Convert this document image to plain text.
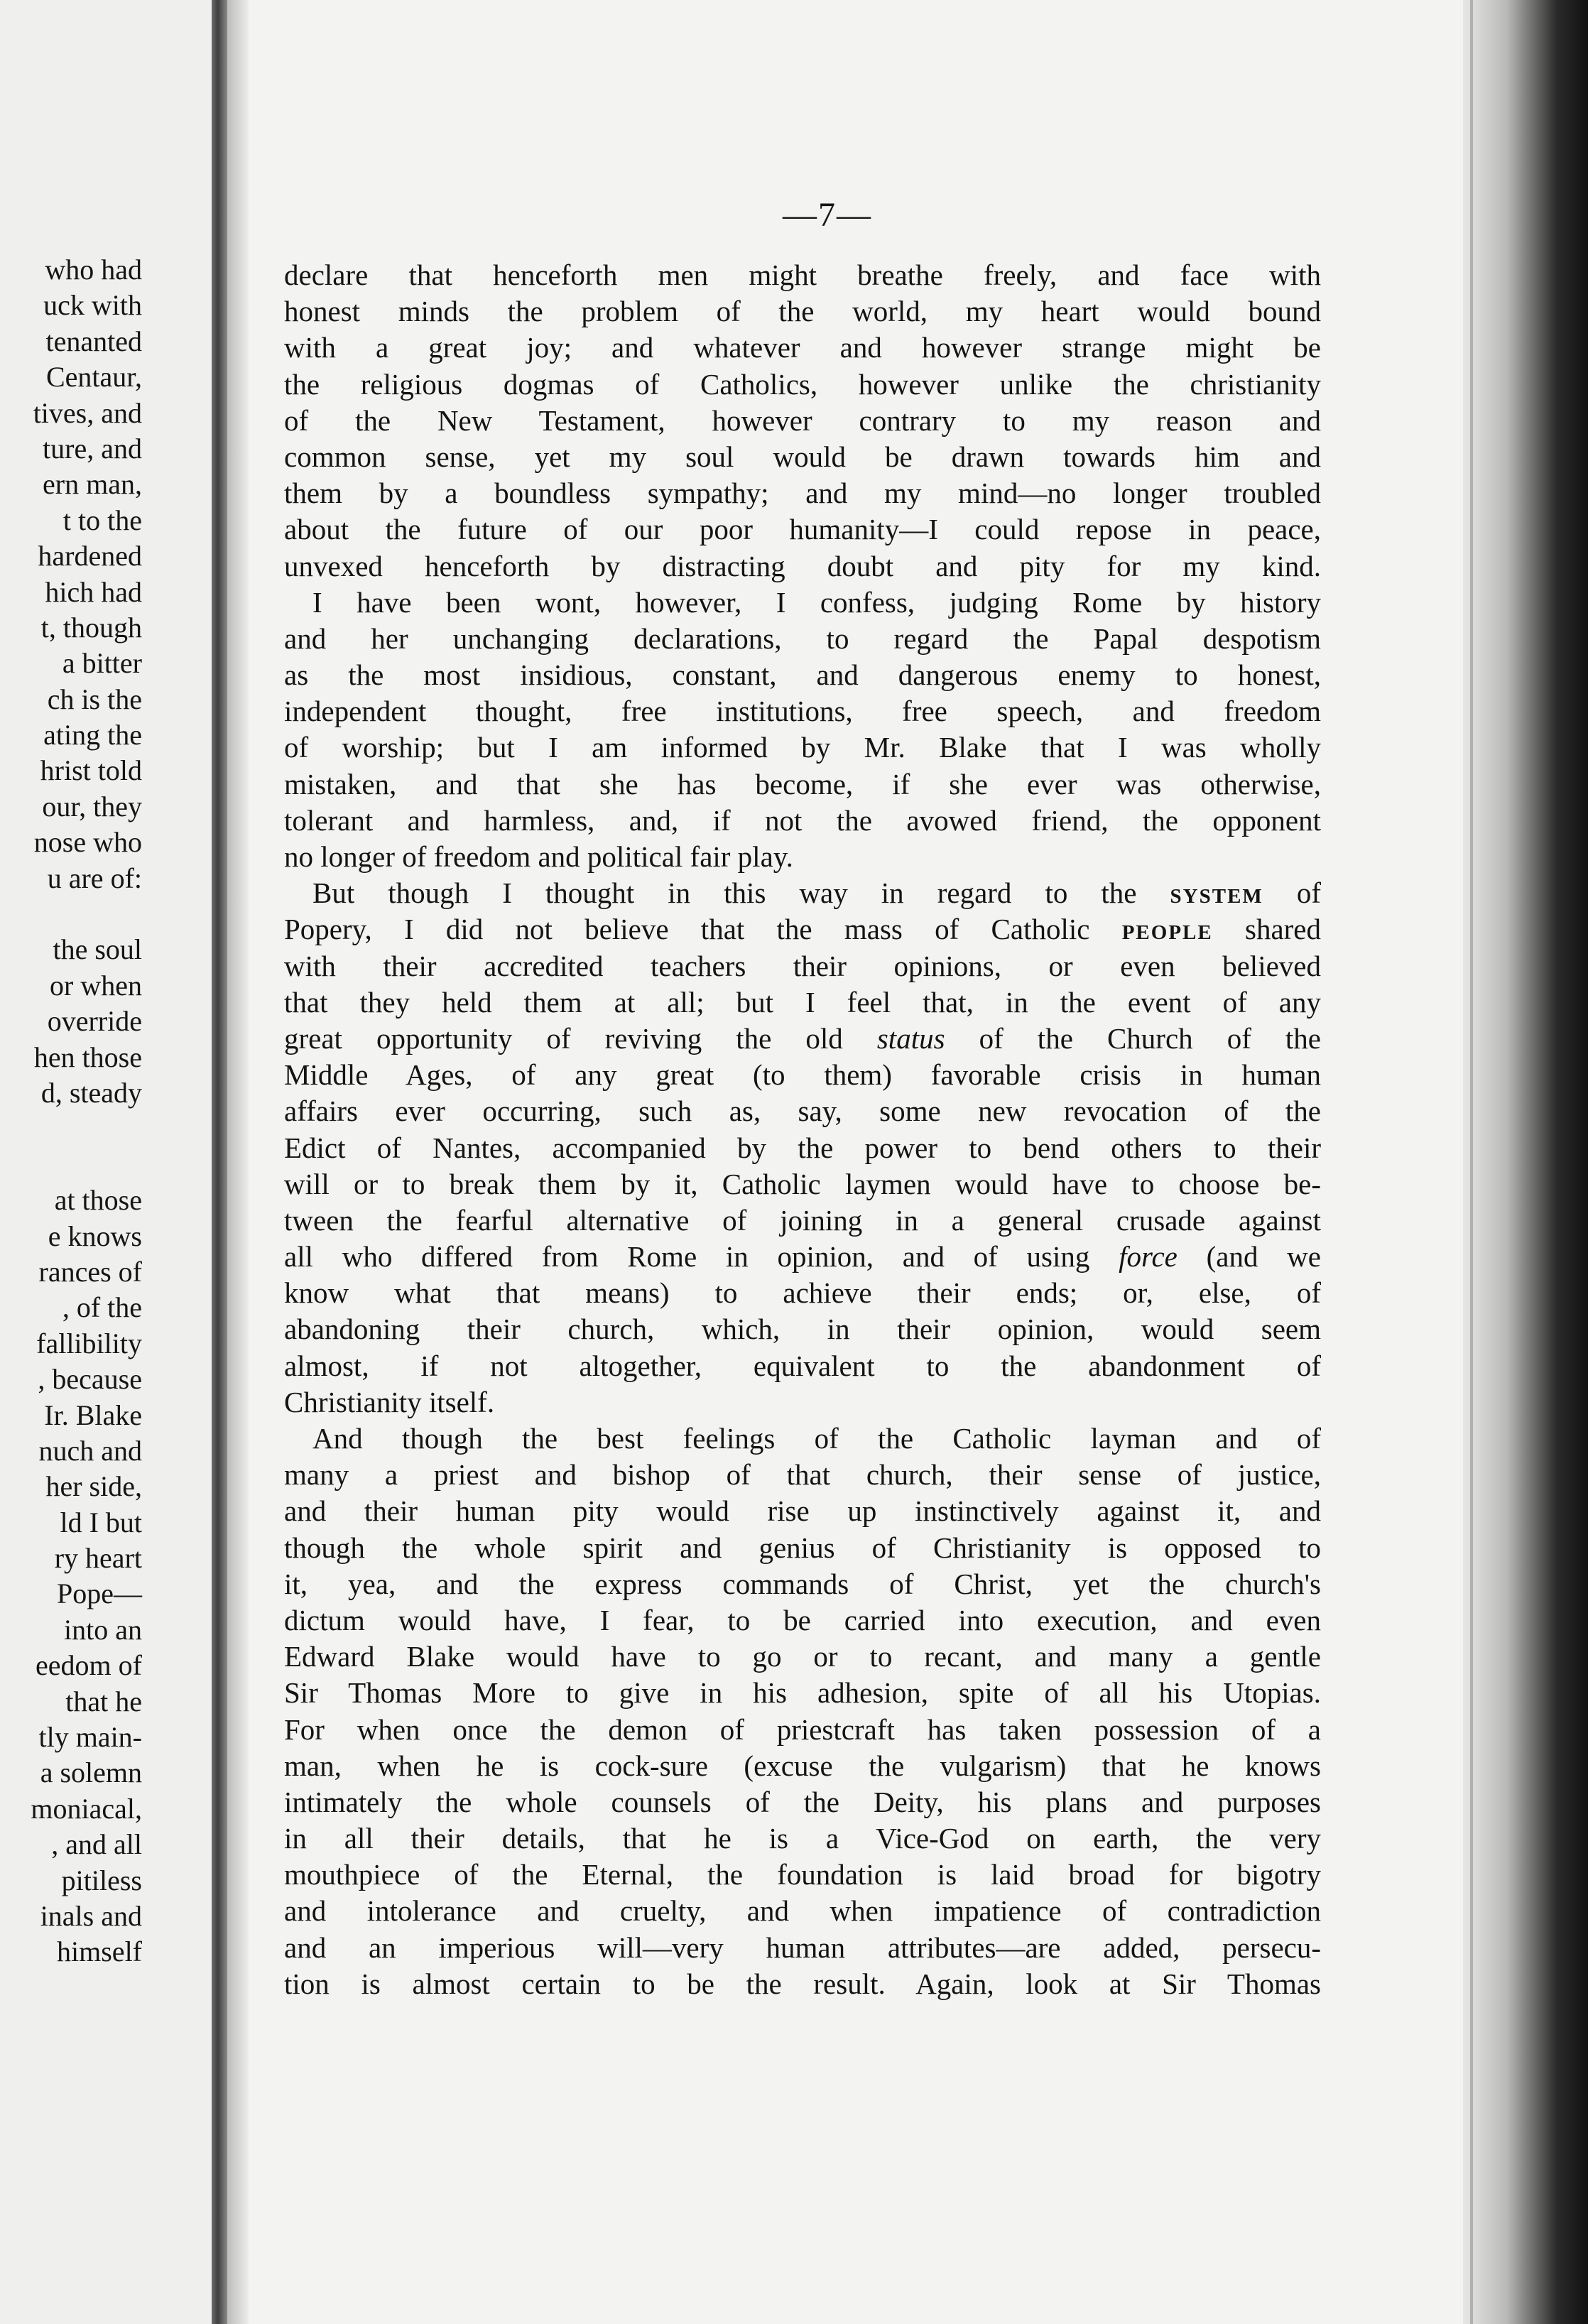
who had
uck with
tenanted
Centaur,
tives, and
ture, and
ern man,
t to the
hardened
hich had
t, though
a bitter
ch is the
ating the
hrist told
our, they
nose who
u are of:
the soul
or when
override
hen those
d, steady
at those
e knows
rances of
, of the
fallibility
, because
Ir. Blake
nuch and
her side,
ld I but
ry heart
Pope—
into an
eedom of
that he
tly main-
a solemn
moniacal,
, and all
pitiless
inals and
himself
—7—
declare that henceforth men might breathe freely, and face with
honest minds the problem of the world, my heart would bound
with a great joy; and whatever and however strange might be
the religious dogmas of Catholics, however unlike the christianity
of the New Testament, however contrary to my reason and
common sense, yet my soul would be drawn towards him and
them by a boundless sympathy; and my mind—no longer troubled
about the future of our poor humanity—I could repose in peace,
unvexed henceforth by distracting doubt and pity for my kind.
I have been wont, however, I confess, judging Rome by history
and her unchanging declarations, to regard the Papal despotism
as the most insidious, constant, and dangerous enemy to honest,
independent thought, free institutions, free speech, and freedom
of worship; but I am informed by Mr. Blake that I was wholly
mistaken, and that she has become, if she ever was otherwise,
tolerant and harmless, and, if not the avowed friend, the opponent
no longer of freedom and political fair play.
But though I thought in this way in regard to the system of
Popery, I did not believe that the mass of Catholic people shared
with their accredited teachers their opinions, or even believed
that they held them at all; but I feel that, in the event of any
great opportunity of reviving the old status of the Church of the
Middle Ages, of any great (to them) favorable crisis in human
affairs ever occurring, such as, say, some new revocation of the
Edict of Nantes, accompanied by the power to bend others to their
will or to break them by it, Catholic laymen would have to choose be-
tween the fearful alternative of joining in a general crusade against
all who differed from Rome in opinion, and of using force (and we
know what that means) to achieve their ends; or, else, of
abandoning their church, which, in their opinion, would seem
almost, if not altogether, equivalent to the abandonment of
Christianity itself.
And though the best feelings of the Catholic layman and of
many a priest and bishop of that church, their sense of justice,
and their human pity would rise up instinctively against it, and
though the whole spirit and genius of Christianity is opposed to
it, yea, and the express commands of Christ, yet the church's
dictum would have, I fear, to be carried into execution, and even
Edward Blake would have to go or to recant, and many a gentle
Sir Thomas More to give in his adhesion, spite of all his Utopias.
For when once the demon of priestcraft has taken possession of a
man, when he is cock-sure (excuse the vulgarism) that he knows
intimately the whole counsels of the Deity, his plans and purposes
in all their details, that he is a Vice-God on earth, the very
mouthpiece of the Eternal, the foundation is laid broad for bigotry
and intolerance and cruelty, and when impatience of contradiction
and an imperious will—very human attributes—are added, persecu-
tion is almost certain to be the result. Again, look at Sir Thomas
